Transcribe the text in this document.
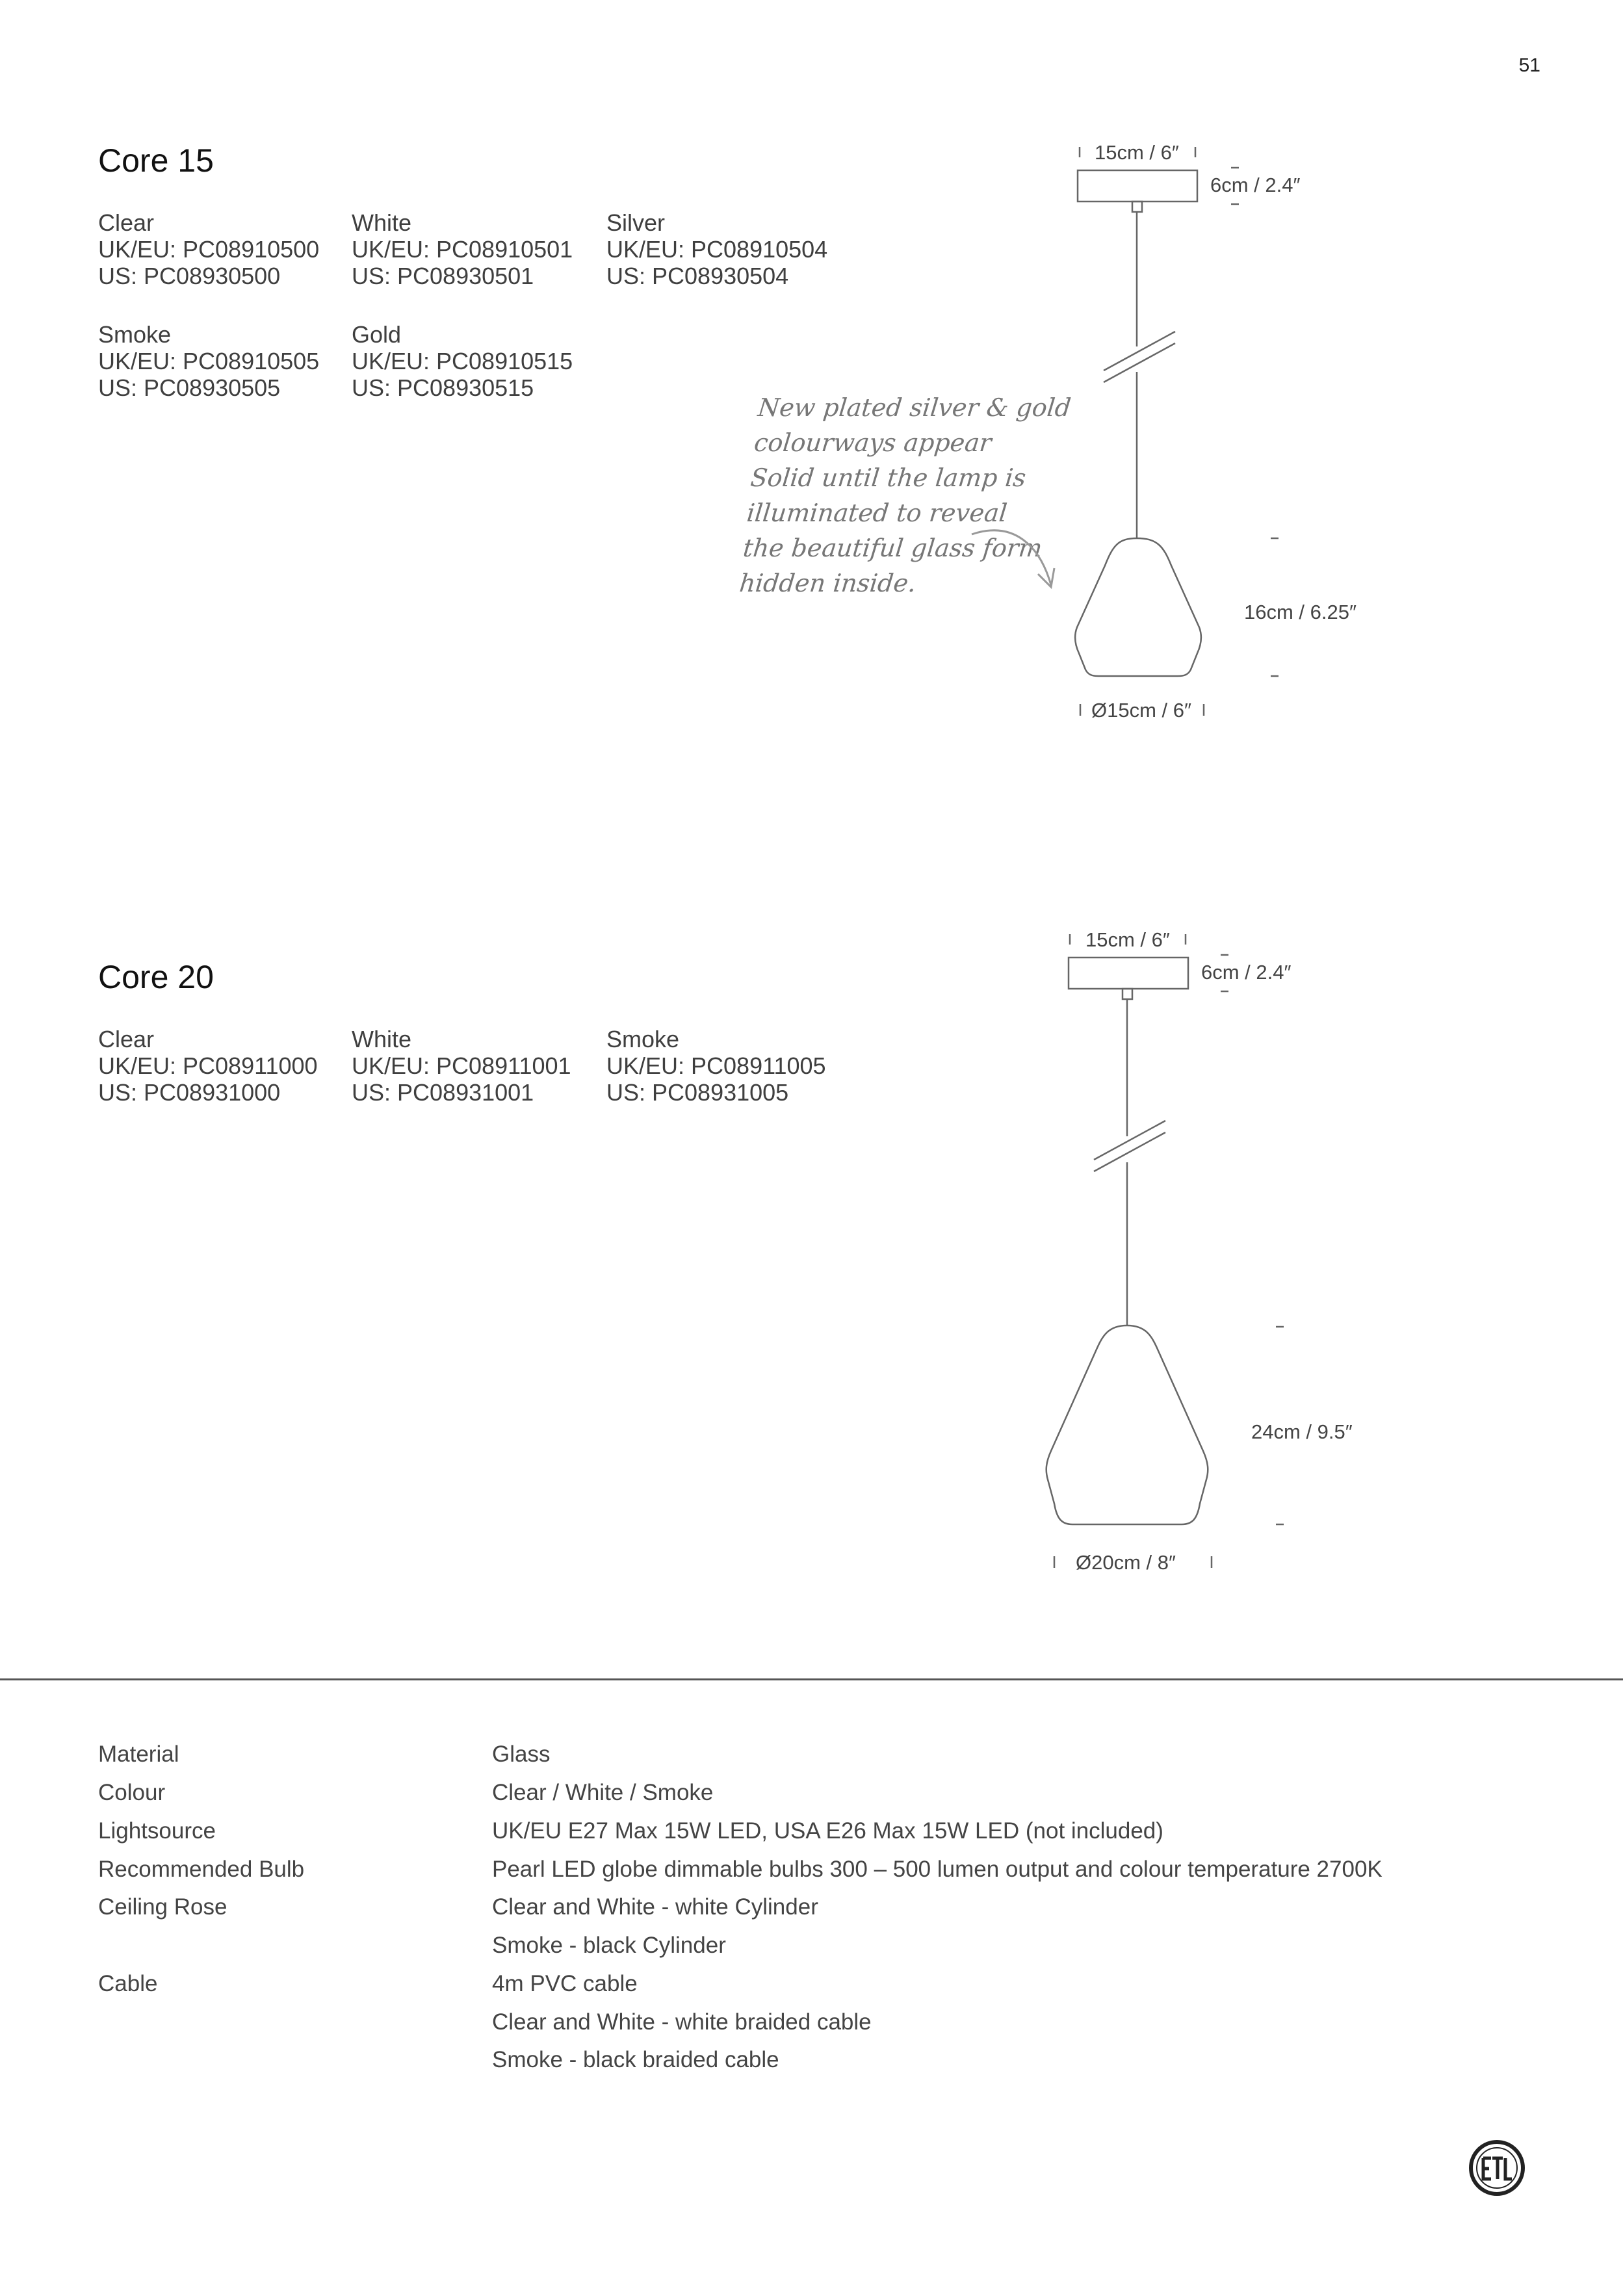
51
Core 15
Clear
UK/EU: PC08910500
US: PC08930500
White
UK/EU: PC08910501
US: PC08930501
Silver
UK/EU: PC08910504
US: PC08930504
Smoke
UK/EU: PC08910505
US: PC08930505
Gold
UK/EU: PC08910515
US: PC08930515
New plated silver & gold
colourways appear
Solid until the lamp is
illuminated to reveal
the beautiful glass form
hidden inside.
15cm / 6″
6cm / 2.4″
16cm / 6.25″
Ø15cm / 6″
Core 20
Clear
UK/EU: PC08911000
US: PC08931000
White
UK/EU: PC08911001
US: PC08931001
Smoke
UK/EU: PC08911005
US: PC08931005
15cm / 6″
6cm / 2.4″
24cm / 9.5″
Ø20cm / 8″
Material	Glass
Colour	Clear / White / Smoke
Lightsource	UK/EU E27 Max 15W LED, USA E26 Max 15W LED (not included)
Recommended Bulb	Pearl LED globe dimmable bulbs 300 – 500 lumen output and colour temperature 2700K
Ceiling Rose	Clear and White - white Cylinder
Smoke - black Cylinder
Cable	4m PVC cable
Clear and White - white braided cable
Smoke - black braided cable
